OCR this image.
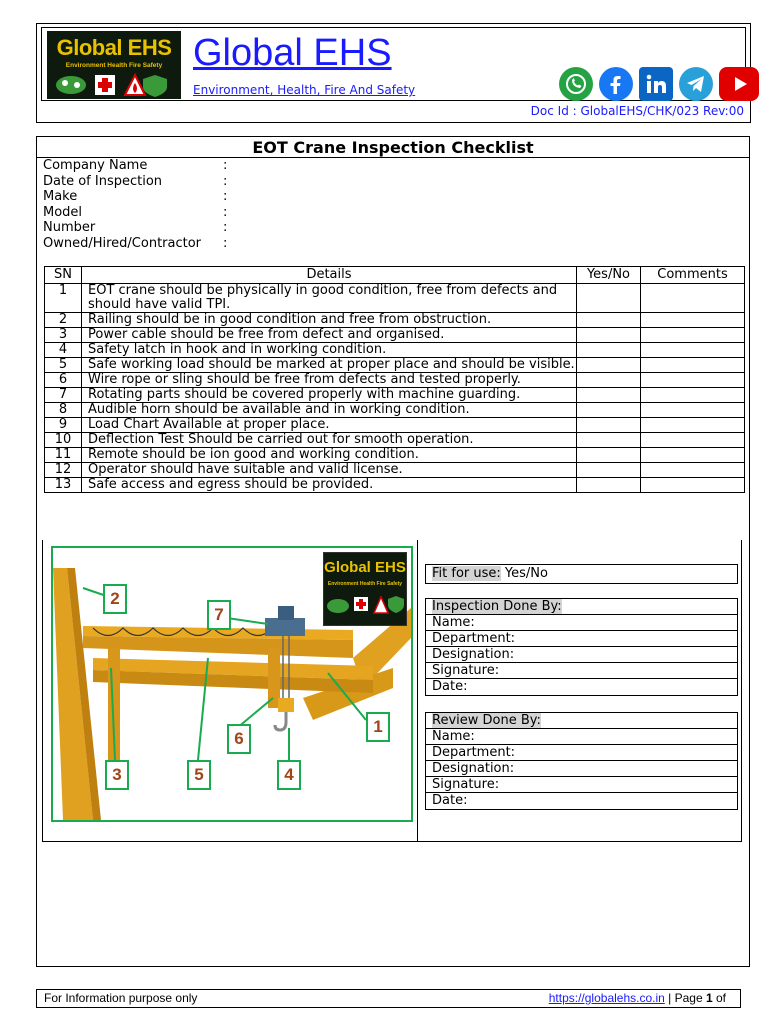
Global EHS
Environment Health Fire Safety Global EHS
Environment, Health, Fire And Safety
Doc Id : GlobalEHS/CHK/023 Rev:00
EOT Crane Inspection Checklist
Company Name	:
Date of Inspection	:
Make	:
Model	:
Number	:
Owned/Hired/Contractor :
SN	Details	Yes/No	Comments
1	EOT crane should be physically in good condition, free from defects and
should have valid TPI.		
2	Railing should be in good condition and free from obstruction.		
3	Power cable should be free from defect and organised.		
4	Safety latch in hook and in working condition.		
5	Safe working load should be marked at proper place and should be visible.		
6	Wire rope or sling should be free from defects and tested properly.		
7	Rotating parts should be covered properly with machine guarding.		
8	Audible horn should be available and in working condition.		
9	Load Chart Available at proper place.		
10	Deflection Test Should be carried out for smooth operation.		
11	Remote should be ion good and working condition.		
12	Operator should have suitable and valid license.		
13	Safe access and egress should be provided.		
Global EHS
Environment Health Fire Safety
1
2
3	4
5
6
7
Fit for use: Yes/No
Inspection Done By:
Name:
Department:
Designation:
Signature:
Date:
Review Done By:
Name:
Department:
Designation:
Signature:
Date:
For Information purpose only	https://globalehs.co.in | Page 1 of
